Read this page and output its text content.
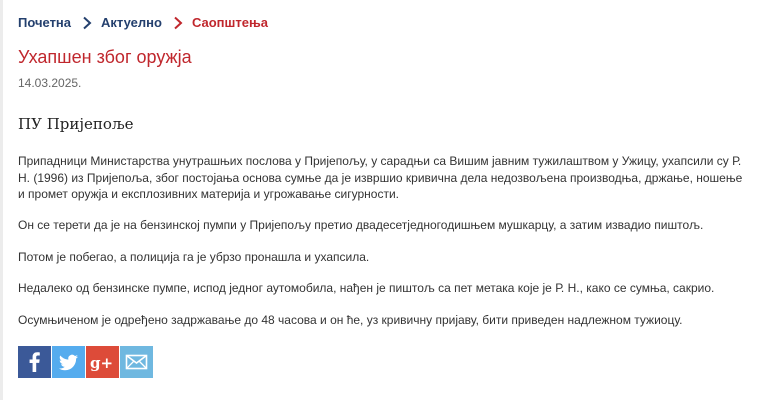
Почетна Актуелно Саопштења
Ухапшен због оружја
14.03.2025.
ПУ Пријепоље

Припадници Министарства унутрашњих послова у Пријепољу, у сарадњи са Вишим јавним тужилаштвом у Ужицу, ухапсили су Р. Н. (1996) из Пријепоља, због постојања основа сумње да је извршио кривична дела недозвољена производња, држање, ношење и промет оружја и експлозивних материја и угрожавање сигурности.

Он се терети да је на бензинској пумпи у Пријепољу претио двадесетједногодишњем мушкарцу, а затим извадио пиштољ.

Потом је побегао, а полиција га је убрзо пронашла и ухапсила.

Недалеко од бензинске пумпе, испод једног аутомобила, нађен је пиштољ са пет метака које је Р. Н., како се сумња, сакрио.

Осумњиченом је одређено задржавање до 48 часова и он ће, уз кривичну пријаву, бити приведен надлежном тужиоцу.

g+
